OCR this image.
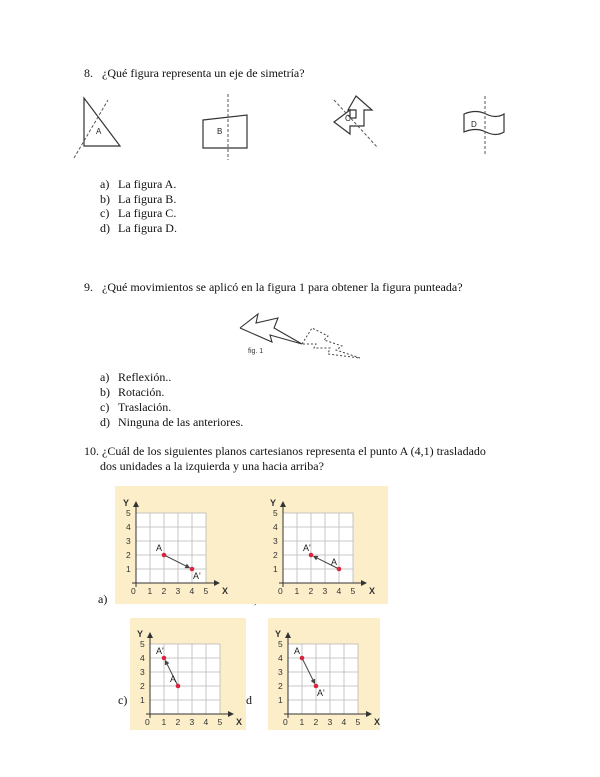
8. ¿Qué figura representa un eje de simetría?
A	B
C
D
a) La figura A.
b) La figura B.
c) La figura C.
d) La figura D.
9. ¿Qué movimientos se aplicó en la figura 1 para obtener la figura punteada?
fig. 1
a) Reflexión..
b) Rotación.
c) Traslación.
d) Ninguna de las anteriores.
10. ¿Cuál de los siguientes planos cartesianos representa el punto A (4,1) trasladado
dos unidades a la izquierda y una hacia arriba?
a)
c)	d
Y
X
0 1 2 3 4 5
1
2
3
4
5
A
A'
Y
X
0 1 2 3 4 5
1
2
3
4
5
A'
A
Y
X
0 1 2 3 4 5
1
2
3
4
5
A'
A
Y
X
0 1 2 3 4 5
1
2
3
4
5
A
A'
